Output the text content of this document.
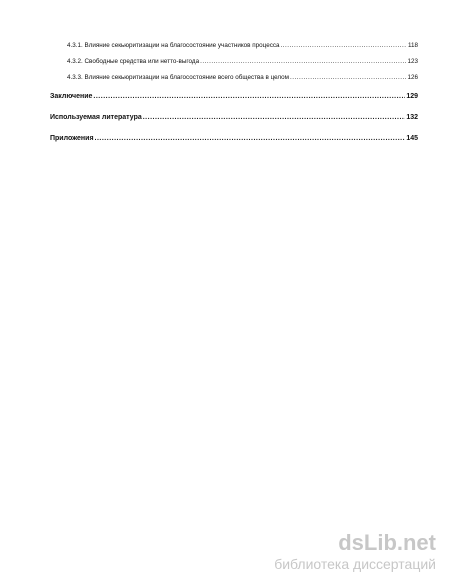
4.3.1. Влияние секьюритизации на благосостояние участников процесса .....	118
4.3.2. Свободные средства или нетто-выгода .....	123
4.3.3. Влияние секьюритизации на благосостояние всего общества в целом .....	126
Заключение .....	129
Используемая литература .....	132
Приложения .....	145
dsLib.net
библиотека диссертаций
